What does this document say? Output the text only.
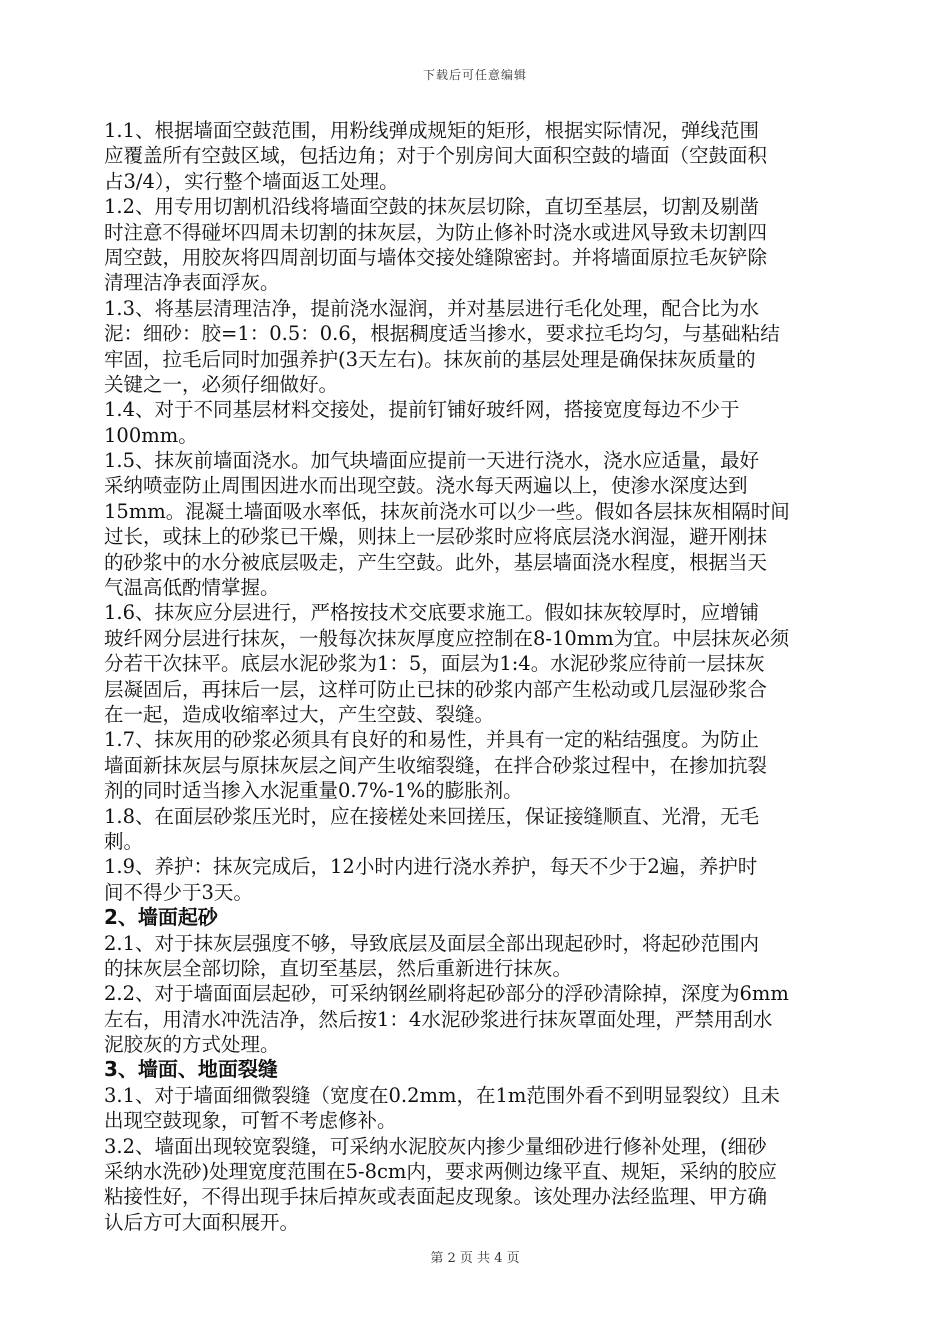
下载后可任意编辑
1.1、根据墙面空鼓范围，用粉线弹成规矩的矩形，根据实际情况，弹线范围
应覆盖所有空鼓区域，包括边角；对于个别房间大面积空鼓的墙面（空鼓面积
占3/4），实行整个墙面返工处理。
1.2、用专用切割机沿线将墙面空鼓的抹灰层切除，直切至基层，切割及剔凿
时注意不得碰坏四周未切割的抹灰层，为防止修补时浇水或进风导致未切割四
周空鼓，用胶灰将四周剖切面与墙体交接处缝隙密封。并将墙面原拉毛灰铲除
清理洁净表面浮灰。
1.3、将基层清理洁净，提前浇水湿润，并对基层进行毛化处理，配合比为水
泥：细砂：胶=1：0.5：0.6，根据稠度适当掺水，要求拉毛均匀，与基础粘结
牢固，拉毛后同时加强养护(3天左右)。抹灰前的基层处理是确保抹灰质量的
关键之一，必须仔细做好。
1.4、对于不同基层材料交接处，提前钉铺好玻纤网，搭接宽度每边不少于
100mm。
1.5、抹灰前墙面浇水。加气块墙面应提前一天进行浇水，浇水应适量，最好
采纳喷壶防止周围因进水而出现空鼓。浇水每天两遍以上，使渗水深度达到
15mm。混凝土墙面吸水率低，抹灰前浇水可以少一些。假如各层抹灰相隔时间
过长，或抹上的砂浆已干燥，则抹上一层砂浆时应将底层浇水润湿，避开刚抹
的砂浆中的水分被底层吸走，产生空鼓。此外，基层墙面浇水程度，根据当天
气温高低酌情掌握。
1.6、抹灰应分层进行，严格按技术交底要求施工。假如抹灰较厚时，应增铺
玻纤网分层进行抹灰，一般每次抹灰厚度应控制在8-10mm为宜。中层抹灰必须
分若干次抹平。底层水泥砂浆为1：5，面层为1:4。水泥砂浆应待前一层抹灰
层凝固后，再抹后一层，这样可防止已抹的砂浆内部产生松动或几层湿砂浆合
在一起，造成收缩率过大，产生空鼓、裂缝。
1.7、抹灰用的砂浆必须具有良好的和易性，并具有一定的粘结强度。为防止
墙面新抹灰层与原抹灰层之间产生收缩裂缝，在拌合砂浆过程中，在掺加抗裂
剂的同时适当掺入水泥重量0.7%-1%的膨胀剂。
1.8、在面层砂浆压光时，应在接槎处来回搓压，保证接缝顺直、光滑，无毛
刺。
1.9、养护：抹灰完成后，12小时内进行浇水养护，每天不少于2遍，养护时
间不得少于3天。
2、墙面起砂
2.1、对于抹灰层强度不够，导致底层及面层全部出现起砂时，将起砂范围内
的抹灰层全部切除，直切至基层，然后重新进行抹灰。
2.2、对于墙面面层起砂，可采纳钢丝刷将起砂部分的浮砂清除掉，深度为6mm
左右，用清水冲洗洁净，然后按1：4水泥砂浆进行抹灰罩面处理，严禁用刮水
泥胶灰的方式处理。
3、墙面、地面裂缝
3.1、对于墙面细微裂缝（宽度在0.2mm，在1m范围外看不到明显裂纹）且未
出现空鼓现象，可暂不考虑修补。
3.2、墙面出现较宽裂缝，可采纳水泥胶灰内掺少量细砂进行修补处理，(细砂
采纳水洗砂)处理宽度范围在5-8cm内，要求两侧边缘平直、规矩，采纳的胶应
粘接性好，不得出现手抹后掉灰或表面起皮现象。该处理办法经监理、甲方确
认后方可大面积展开。
第 2 页 共 4 页
